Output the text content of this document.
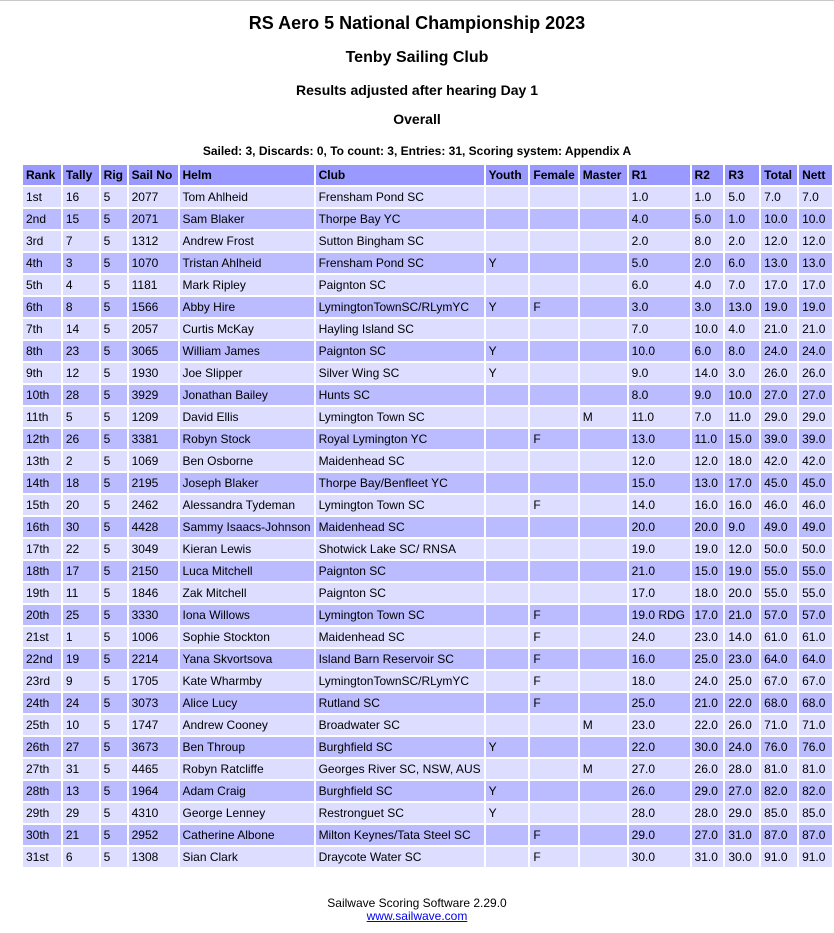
RS Aero 5 National Championship 2023
Tenby Sailing Club
Results adjusted after hearing Day 1
Overall
Sailed: 3, Discards: 0, To count: 3, Entries: 31, Scoring system: Appendix A
Rank	Tally	Rig	Sail No	Helm	Club	Youth	Female	Master	R1	R2	R3	Total	Nett
1st	16	5	2077	Tom Ahlheid	Frensham Pond SC				1.0	1.0	5.0	7.0	7.0
2nd	15	5	2071	Sam Blaker	Thorpe Bay YC				4.0	5.0	1.0	10.0	10.0
3rd	7	5	1312	Andrew Frost	Sutton Bingham SC				2.0	8.0	2.0	12.0	12.0
4th	3	5	1070	Tristan Ahlheid	Frensham Pond SC	Y			5.0	2.0	6.0	13.0	13.0
5th	4	5	1181	Mark Ripley	Paignton SC				6.0	4.0	7.0	17.0	17.0
6th	8	5	1566	Abby Hire	LymingtonTownSC/RLymYC	Y	F		3.0	3.0	13.0	19.0	19.0
7th	14	5	2057	Curtis McKay	Hayling Island SC				7.0	10.0	4.0	21.0	21.0
8th	23	5	3065	William James	Paignton SC	Y			10.0	6.0	8.0	24.0	24.0
9th	12	5	1930	Joe Slipper	Silver Wing SC	Y			9.0	14.0	3.0	26.0	26.0
10th	28	5	3929	Jonathan Bailey	Hunts SC				8.0	9.0	10.0	27.0	27.0
11th	5	5	1209	David Ellis	Lymington Town SC			M	11.0	7.0	11.0	29.0	29.0
12th	26	5	3381	Robyn Stock	Royal Lymington YC		F		13.0	11.0	15.0	39.0	39.0
13th	2	5	1069	Ben Osborne	Maidenhead SC				12.0	12.0	18.0	42.0	42.0
14th	18	5	2195	Joseph Blaker	Thorpe Bay/Benfleet YC				15.0	13.0	17.0	45.0	45.0
15th	20	5	2462	Alessandra Tydeman	Lymington Town SC		F		14.0	16.0	16.0	46.0	46.0
16th	30	5	4428	Sammy Isaacs-Johnson	Maidenhead SC				20.0	20.0	9.0	49.0	49.0
17th	22	5	3049	Kieran Lewis	Shotwick Lake SC/ RNSA				19.0	19.0	12.0	50.0	50.0
18th	17	5	2150	Luca Mitchell	Paignton SC				21.0	15.0	19.0	55.0	55.0
19th	11	5	1846	Zak Mitchell	Paignton SC				17.0	18.0	20.0	55.0	55.0
20th	25	5	3330	Iona Willows	Lymington Town SC		F		19.0 RDG	17.0	21.0	57.0	57.0
21st	1	5	1006	Sophie Stockton	Maidenhead SC		F		24.0	23.0	14.0	61.0	61.0
22nd	19	5	2214	Yana Skvortsova	Island Barn Reservoir SC		F		16.0	25.0	23.0	64.0	64.0
23rd	9	5	1705	Kate Wharmby	LymingtonTownSC/RLymYC		F		18.0	24.0	25.0	67.0	67.0
24th	24	5	3073	Alice Lucy	Rutland SC		F		25.0	21.0	22.0	68.0	68.0
25th	10	5	1747	Andrew Cooney	Broadwater SC			M	23.0	22.0	26.0	71.0	71.0
26th	27	5	3673	Ben Throup	Burghfield SC	Y			22.0	30.0	24.0	76.0	76.0
27th	31	5	4465	Robyn Ratcliffe	Georges River SC, NSW, AUS			M	27.0	26.0	28.0	81.0	81.0
28th	13	5	1964	Adam Craig	Burghfield SC	Y			26.0	29.0	27.0	82.0	82.0
29th	29	5	4310	George Lenney	Restronguet SC	Y			28.0	28.0	29.0	85.0	85.0
30th	21	5	2952	Catherine Albone	Milton Keynes/Tata Steel SC		F		29.0	27.0	31.0	87.0	87.0
31st	6	5	1308	Sian Clark	Draycote Water SC		F		30.0	31.0	30.0	91.0	91.0
Sailwave Scoring Software 2.29.0
www.sailwave.com
